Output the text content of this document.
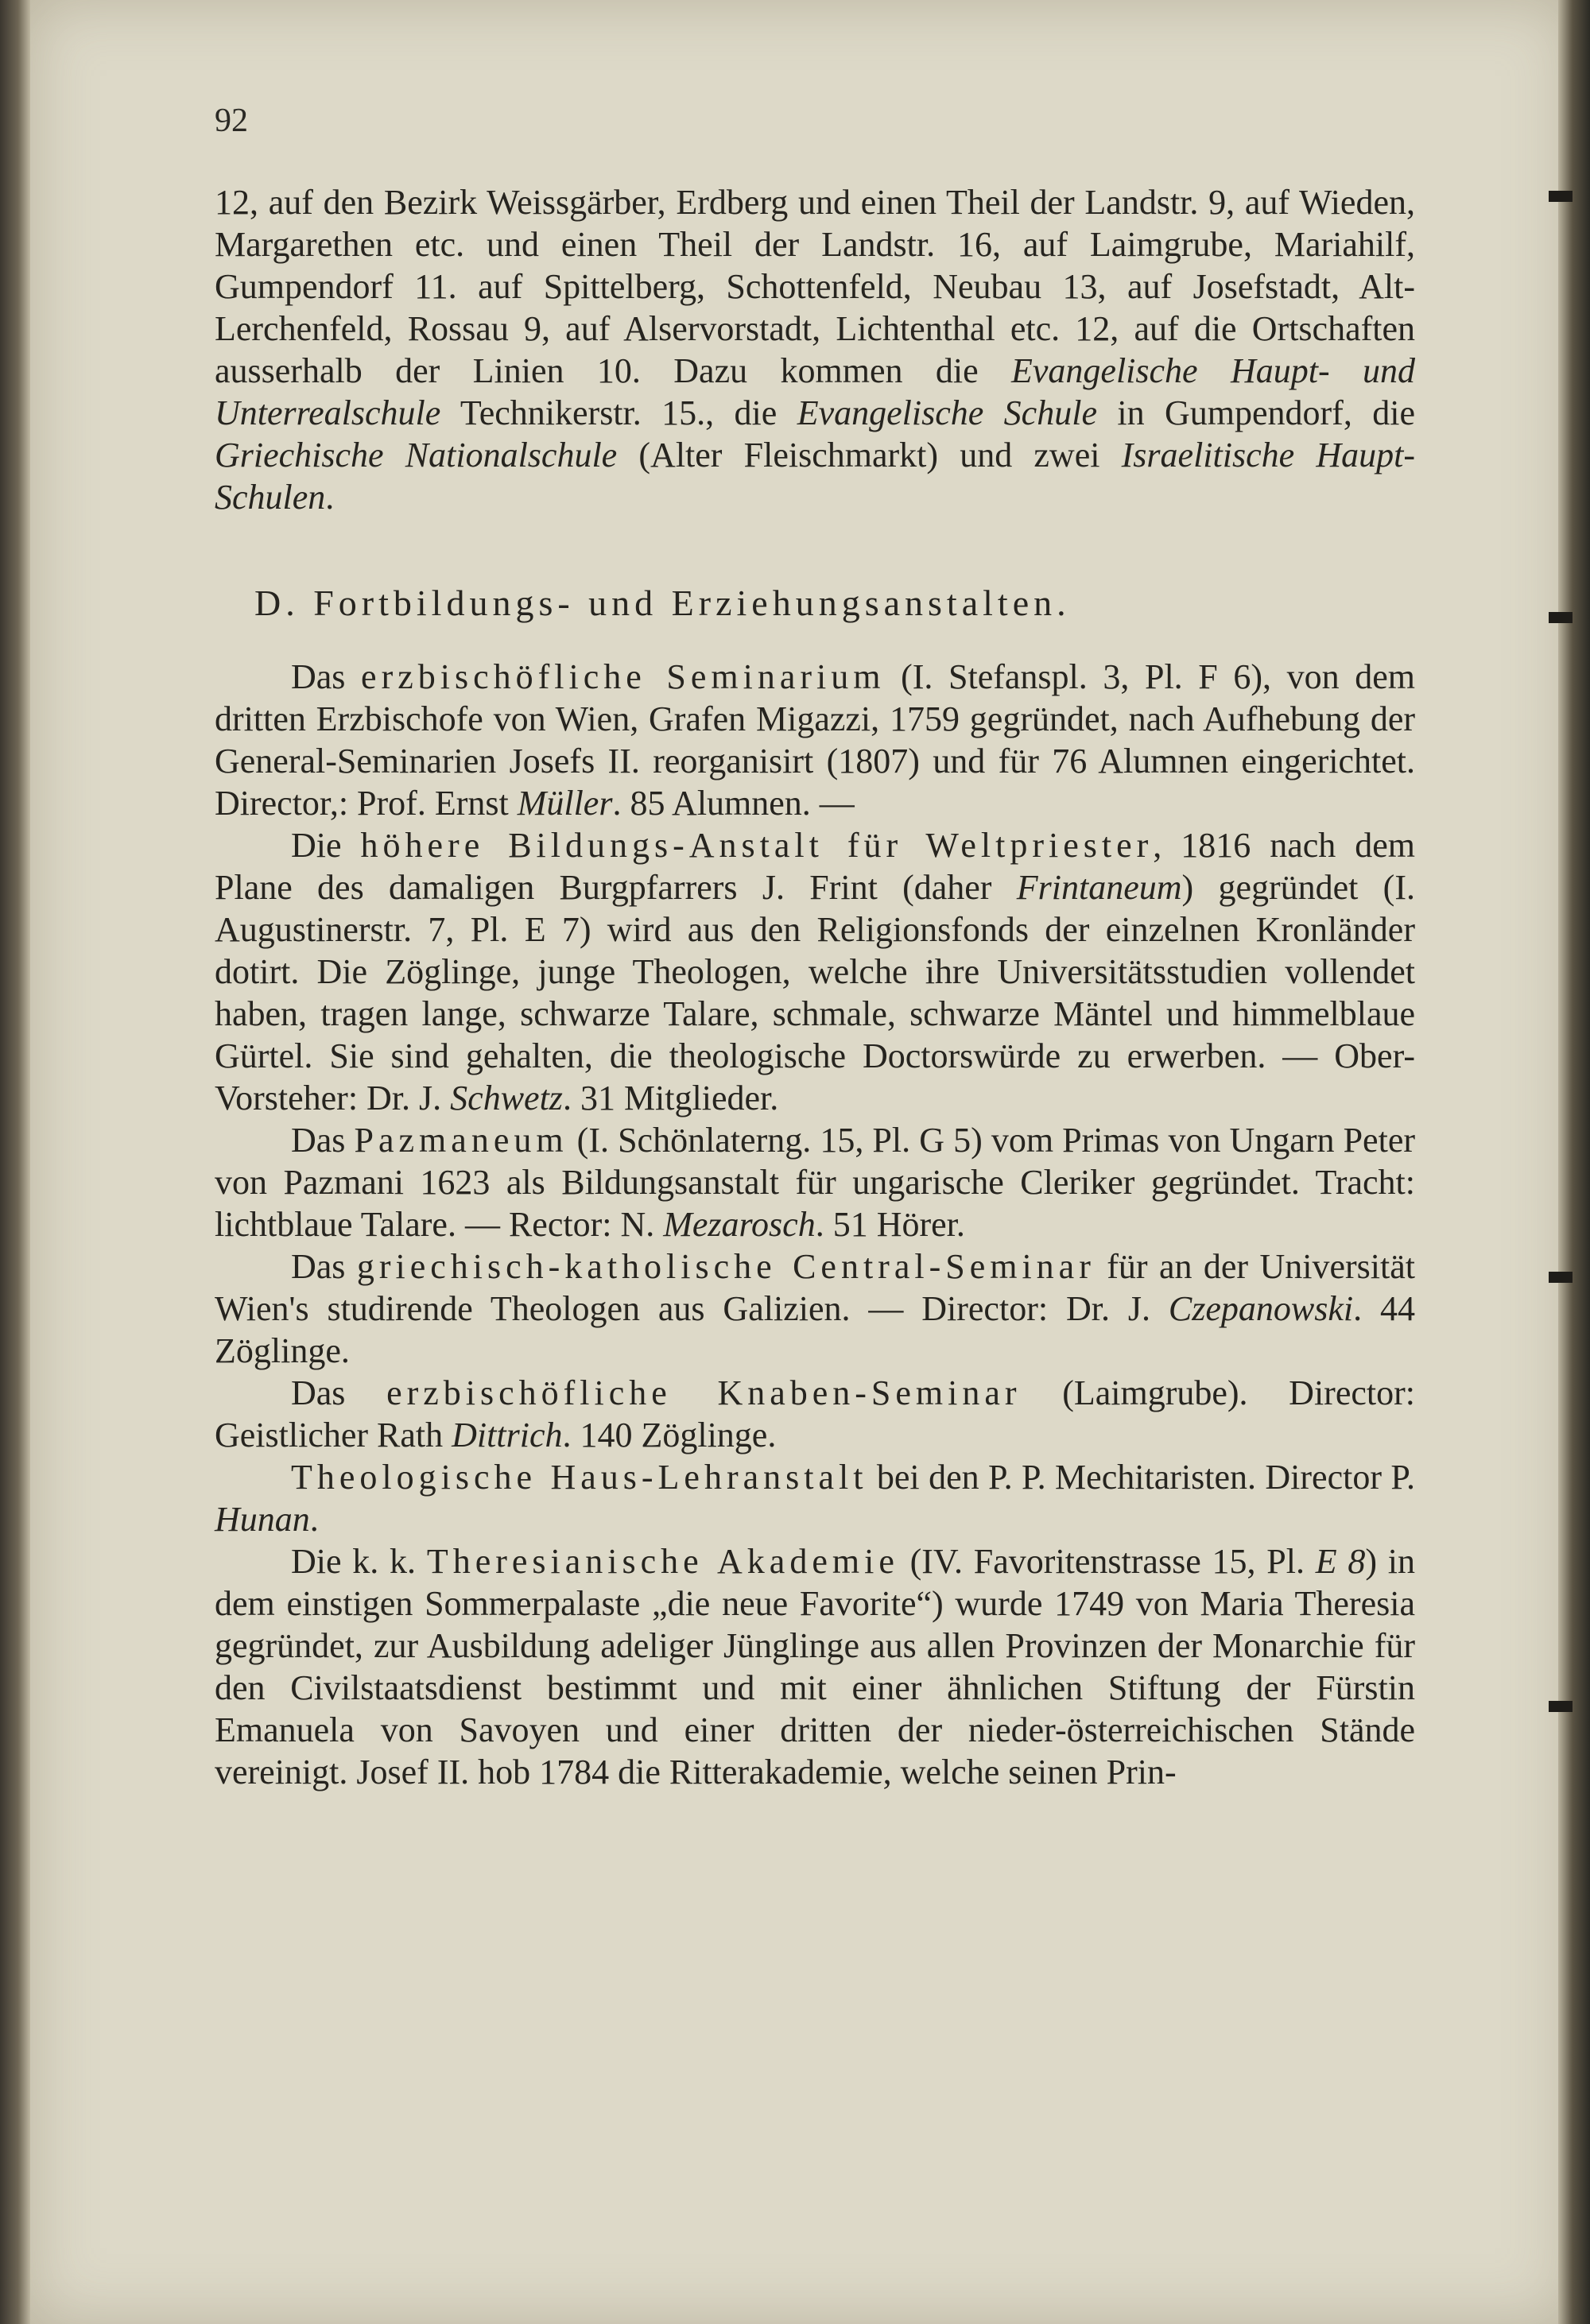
92

12, auf den Bezirk Weissgärber, Erdberg und einen Theil der Landstr. 9, auf Wieden, Margarethen etc. und einen Theil der Landstr. 16, auf Laimgrube, Mariahilf, Gumpendorf 11. auf Spittelberg, Schottenfeld, Neubau 13, auf Josefstadt, Alt-Lerchenfeld, Rossau 9, auf Alservorstadt, Lichtenthal etc. 12, auf die Ortschaften ausserhalb der Linien 10. Dazu kommen die Evangelische Haupt- und Unterrealschule Technikerstr. 15., die Evangelische Schule in Gumpendorf, die Griechische Nationalschule (Alter Fleischmarkt) und zwei Israelitische Haupt-Schulen.

D. Fortbildungs- und Erziehungsanstalten.

Das erzbischöfliche Seminarium (I. Stefanspl. 3, Pl. F 6), von dem dritten Erzbischofe von Wien, Grafen Migazzi, 1759 gegründet, nach Aufhebung der General-Seminarien Josefs II. reorganisirt (1807) und für 76 Alumnen eingerichtet. Director,: Prof. Ernst Müller. 85 Alumnen. —

Die höhere Bildungs-Anstalt für Weltpriester, 1816 nach dem Plane des damaligen Burgpfarrers J. Frint (daher Frintaneum) gegründet (I. Augustinerstr. 7, Pl. E 7) wird aus den Religionsfonds der einzelnen Kronländer dotirt. Die Zöglinge, junge Theologen, welche ihre Universitätsstudien vollendet haben, tragen lange, schwarze Talare, schmale, schwarze Mäntel und himmelblaue Gürtel. Sie sind gehalten, die theologische Doctorswürde zu erwerben. — Ober-Vorsteher: Dr. J. Schwetz. 31 Mitglieder.

Das Pazmaneum (I. Schönlaterng. 15, Pl. G 5) vom Primas von Ungarn Peter von Pazmani 1623 als Bildungsanstalt für ungarische Cleriker gegründet. Tracht: lichtblaue Talare. — Rector: N. Mezarosch. 51 Hörer.

Das griechisch-katholische Central-Seminar für an der Universität Wien's studirende Theologen aus Galizien. — Director: Dr. J. Czepanowski. 44 Zöglinge.

Das erzbischöfliche Knaben-Seminar (Laimgrube). Director: Geistlicher Rath Dittrich. 140 Zöglinge.

Theologische Haus-Lehranstalt bei den P. P. Mechitaristen. Director P. Hunan.

Die k. k. Theresianische Akademie (IV. Favoritenstrasse 15, Pl. E 8) in dem einstigen Sommerpalaste „die neue Favorite“) wurde 1749 von Maria Theresia gegründet, zur Ausbildung adeliger Jünglinge aus allen Provinzen der Monarchie für den Civilstaatsdienst bestimmt und mit einer ähnlichen Stiftung der Fürstin Emanuela von Savoyen und einer dritten der nieder-österreichischen Stände vereinigt. Josef II. hob 1784 die Ritterakademie, welche seinen Prin-
